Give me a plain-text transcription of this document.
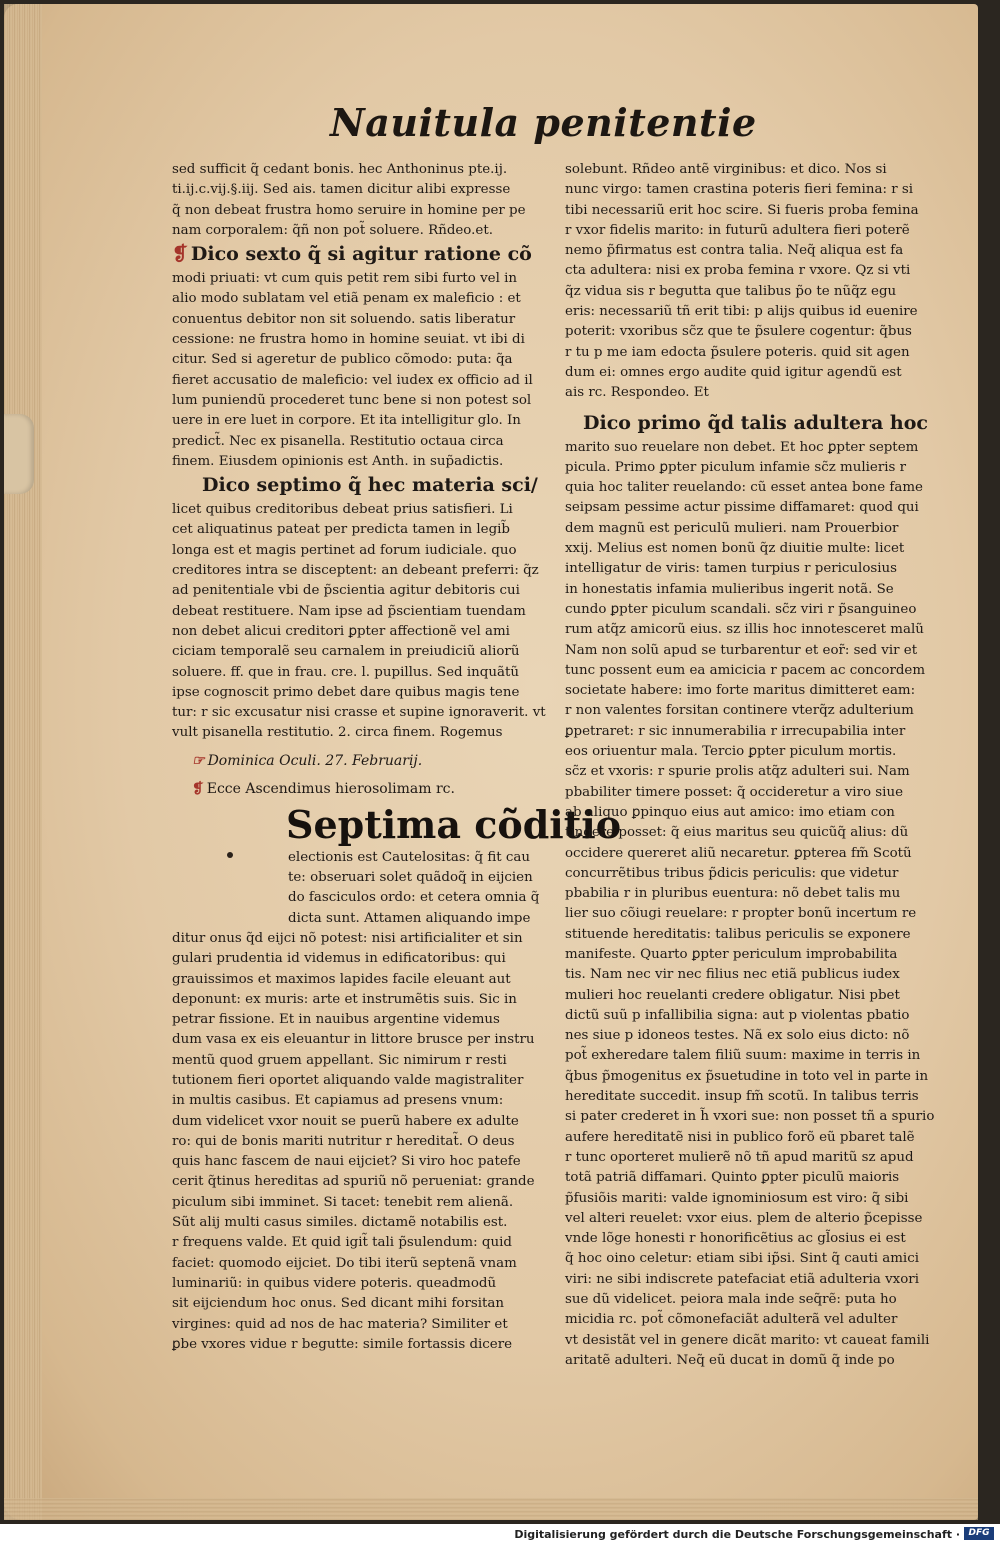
Nauitula penitentie
sed sufficit q̃ cedant bonis. hec Anthoninus pte.ij.
ti.ij.c.vij.§.iij. Sed ais. tamen dicitur alibi expresse
q̃ non debeat frustra homo seruire in homine per pe
nam corporalem: q̃ñ non pot̃ soluere. Rñdeo.et.
❡ Dico sexto q̃ si agitur ratione cõ
modi priuati: vt cum quis petit rem sibi furto vel in
alio modo sublatam vel etiã penam ex maleficio : et
conuentus debitor non sit soluendo. satis liberatur
cessione: ne frustra homo in homine seuiat. vt ibi di
citur. Sed si ageretur de publico cõmodo: puta: q̃a
fieret accusatio de maleficio: vel iudex ex officio ad il
lum puniendũ procederet tunc bene si non potest sol
uere in ere luet in corpore. Et ita intelligitur glo. In
predict̃. Nec ex pisanella. Restitutio octaua circa
finem. Eiusdem opinionis est Anth. in sup̃adictis.
Dico septimo q̃ hec materia sci/
licet quibus creditoribus debeat prius satisfieri. Li
cet aliquatinus pateat per predicta tamen in legib̃
longa est et magis pertinet ad forum iudiciale. quo
creditores intra se disceptent: an debeant preferri: q̃z
ad penitentiale vbi de p̃scientia agitur debitoris cui
debeat restituere. Nam ipse ad p̃scientiam tuendam
non debet alicui creditori ꝑpter affectionẽ vel ami
ciciam temporalẽ seu carnalem in preiudiciũ aliorũ
soluere. ff. que in frau. cre. l. pupillus. Sed inquãtũ
ipse cognoscit primo debet dare quibus magis tene
tur: r sic excusatur nisi crasse et supine ignoraverit. vt
vult pisanella restitutio. 2. circa finem. Rogemus
☞ Dominica Oculi. 27. Februarij.
❡ Ecce Ascendimus hierosolimam rc.
Septima cõditio
electionis est Cautelositas: q̃ fit cau
te: obseruari solet quãdoq̃ in eijcien
do fasciculos ordo: et cetera omnia q̃
dicta sunt. Attamen aliquando impe
ditur onus q̃d eijci nõ potest: nisi artificialiter et sin
gulari prudentia id videmus in edificatoribus: qui
grauissimos et maximos lapides facile eleuant aut
deponunt: ex muris: arte et instrumẽtis suis. Sic in
petrar fissione. Et in nauibus argentine videmus
dum vasa ex eis eleuantur in littore brusce per instru
mentũ quod gruem appellant. Sic nimirum r resti
tutionem fieri oportet aliquando valde magistraliter
in multis casibus. Et capiamus ad presens vnum:
dum videlicet vxor nouit se puerũ habere ex adulte
ro: qui de bonis mariti nutritur r hereditat̃. O deus
quis hanc fascem de naui eijciet? Si viro hoc patefe
cerit q̃tinus hereditas ad spuriũ nõ perueniat: grande
piculum sibi imminet. Si tacet: tenebit rem alienã.
Sũt alij multi casus similes. dictamẽ notabilis est.
r frequens valde. Et quid igit̃ tali p̃sulendum: quid
faciet: quomodo eijciet. Do tibi iterũ septenã vnam
luminariũ: in quibus videre poteris. queadmodũ
sit eijciendum hoc onus. Sed dicant mihi forsitan
virgines: quid ad nos de hac materia? Similiter et
ꝑbe vxores vidue r begutte: simile fortassis dicere
solebunt. Rñdeo antẽ virginibus: et dico. Nos si
nunc virgo: tamen crastina poteris fieri femina: r si
tibi necessariũ erit hoc scire. Si fueris proba femina
r vxor fidelis marito: in futurũ adultera fieri poterẽ
nemo p̃firmatus est contra talia. Neq̃ aliqua est fa
cta adultera: nisi ex proba femina r vxore. Qz si vti
q̃z vidua sis r begutta que talibus p̃o te nũq̃z egu
eris: necessariũ tñ erit tibi: p alijs quibus id euenire
poterit: vxoribus sc̃z que te p̃sulere cogentur: q̃bus
r tu p me iam edocta p̃sulere poteris. quid sit agen
dum ei: omnes ergo audite quid igitur agendũ est
ais rc. Respondeo. Et
Dico primo q̃d talis adultera hoc
marito suo reuelare non debet. Et hoc ꝑpter septem
picula. Primo ꝑpter piculum infamie sc̃z mulieris r
quia hoc taliter reuelando: cũ esset antea bone fame
seipsam pessime actur pissime diffamaret: quod qui
dem magnũ est periculũ mulieri. nam Prouerbior
xxij. Melius est nomen bonũ q̃z diuitie multe: licet
intelligatur de viris: tamen turpius r periculosius
in honestatis infamia mulieribus ingerit notã. Se
cundo ꝑpter piculum scandali. sc̃z viri r p̃sanguineo
rum atq̃z amicorũ eius. sz illis hoc innotesceret malũ
Nam non solũ apud se turbarentur et eor̃: sed vir et
tunc possent eum ea amicicia r pacem ac concordem
societate habere: imo forte maritus dimitteret eam:
r non valentes forsitan continere vterq̃z adulterium
ꝑpetraret: r sic innumerabilia r irrecupabilia inter
eos oriuentur mala. Tercio ꝑpter piculum mortis.
sc̃z et vxoris: r spurie prolis atq̃z adulteri sui. Nam
pbabiliter timere posset: q̃ occideretur a viro siue
ab aliquo ꝑpinquo eius aut amico: imo etiam con
tingere posset: q̃ eius maritus seu quicũq̃ alius: dũ
occidere quereret aliũ necaretur. ꝑpterea fm̃ Scotũ
concurrẽtibus tribus p̃dicis periculis: que videtur
pbabilia r in pluribus euentura: nõ debet talis mu
lier suo cõiugi reuelare: r propter bonũ incertum re
stituende hereditatis: talibus periculis se exponere
manifeste. Quarto ꝑpter periculum improbabilita
tis. Nam nec vir nec filius nec etiã publicus iudex
mulieri hoc reuelanti credere obligatur. Nisi pbet
dictũ suũ p infallibilia signa: aut p violentas pbatio
nes siue p idoneos testes. Nã ex solo eius dicto: nõ
pot̃ exheredare talem filiũ suum: maxime in terris in
q̃bus p̃mogenitus ex p̃suetudine in toto vel in parte in
hereditate succedit. insup fm̃ scotũ. In talibus terris
si pater crederet in h̃ vxori sue: non posset tñ a spurio
aufere hereditatẽ nisi in publico forõ eũ pbaret talẽ
r tunc oporteret mulierẽ nõ tñ apud maritũ sz apud
totã patriã diffamari. Quinto ꝑpter piculũ maioris
p̃fusiõis mariti: valde ignominiosum est viro: q̃ sibi
vel alteri reuelet: vxor eius. plem de alterio p̃cepisse
vnde lõge honesti r honorificẽtius ac gl̃osius ei est
q̃ hoc oino celetur: etiam sibi ip̃si. Sint q̃ cauti amici
viri: ne sibi indiscrete patefaciat etiã adulteria vxori
sue dũ videlicet. peiora mala inde seq̃rẽ: puta ho
micidia rc. pot̃ cõmonefaciãt adulterã vel adulter
vt desistãt vel in genere dicãt marito: vt caueat famili
aritatẽ adulteri. Neq̃ eũ ducat in domũ q̃ inde po
Digitalisierung gefördert durch die Deutsche Forschungsgemeinschaft · DFG
